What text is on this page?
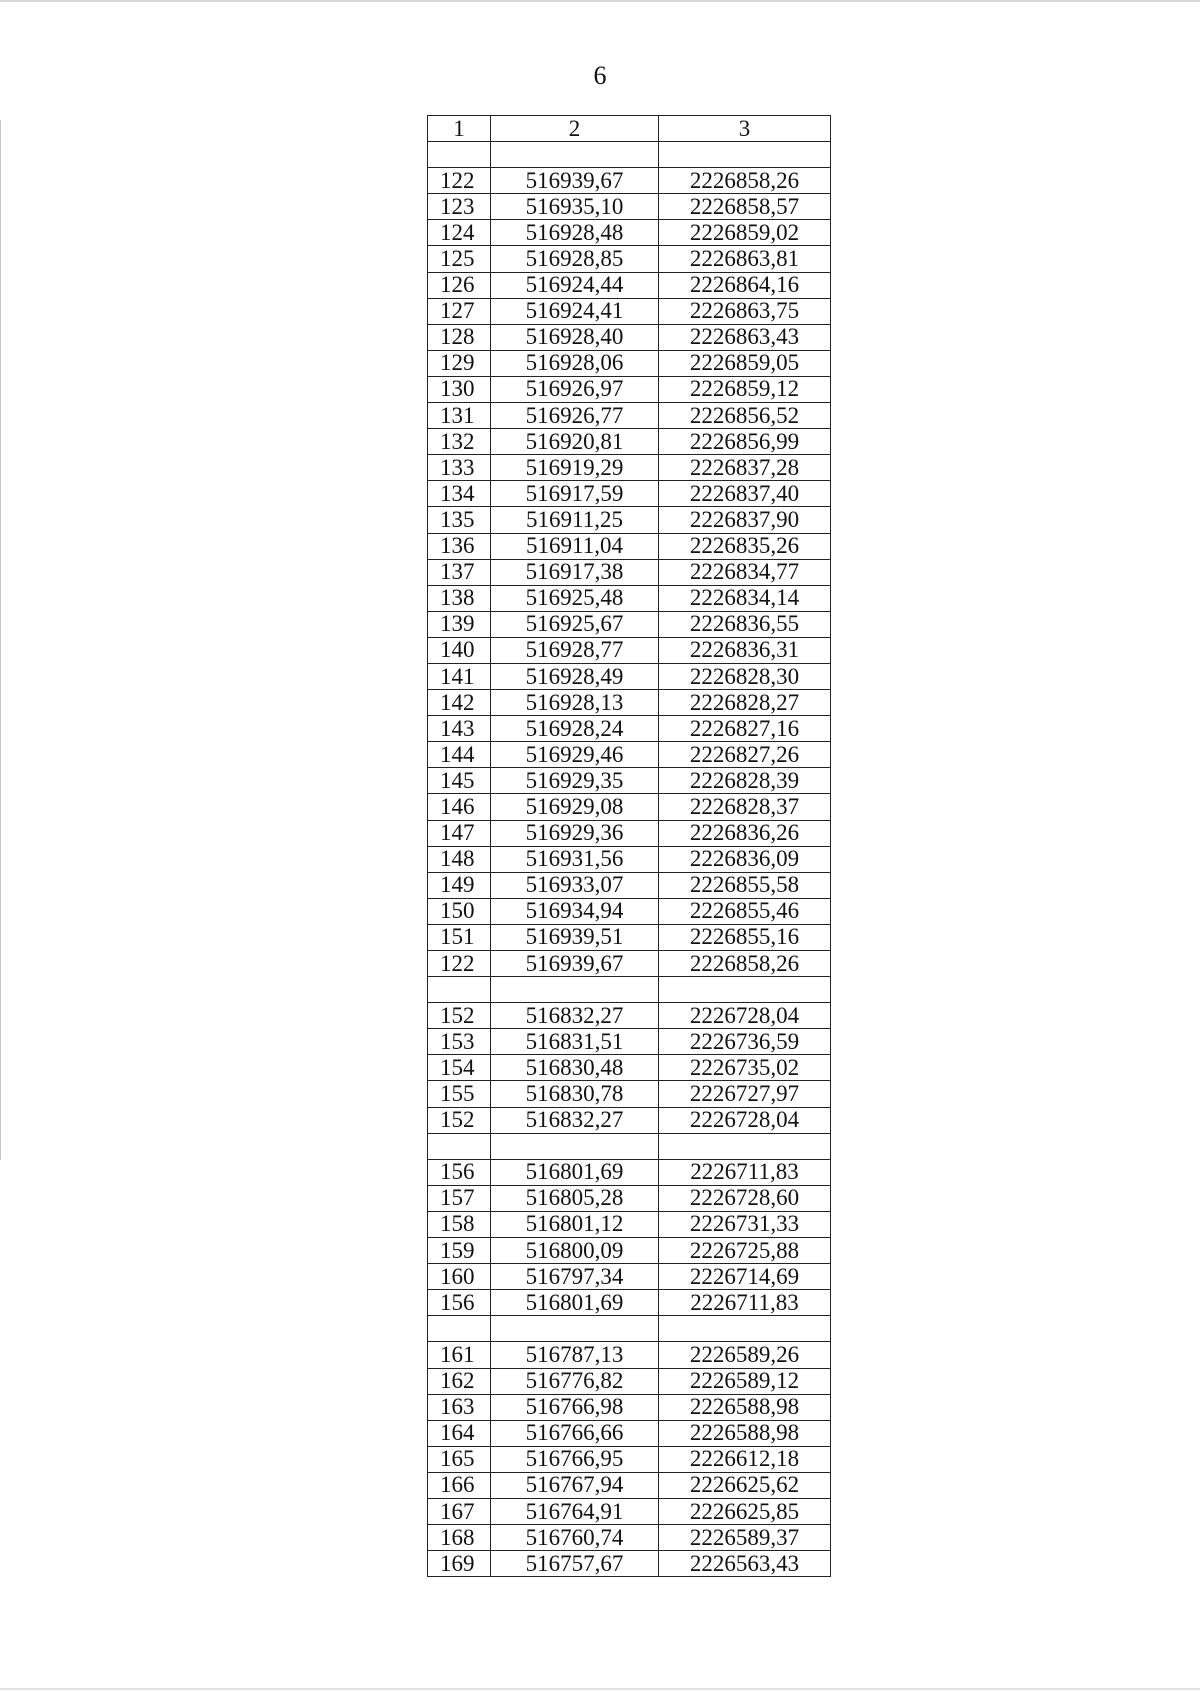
6
1	2	3

122	516939,67	2226858,26
123	516935,10	2226858,57
124	516928,48	2226859,02
125	516928,85	2226863,81
126	516924,44	2226864,16
127	516924,41	2226863,75
128	516928,40	2226863,43
129	516928,06	2226859,05
130	516926,97	2226859,12
131	516926,77	2226856,52
132	516920,81	2226856,99
133	516919,29	2226837,28
134	516917,59	2226837,40
135	516911,25	2226837,90
136	516911,04	2226835,26
137	516917,38	2226834,77
138	516925,48	2226834,14
139	516925,67	2226836,55
140	516928,77	2226836,31
141	516928,49	2226828,30
142	516928,13	2226828,27
143	516928,24	2226827,16
144	516929,46	2226827,26
145	516929,35	2226828,39
146	516929,08	2226828,37
147	516929,36	2226836,26
148	516931,56	2226836,09
149	516933,07	2226855,58
150	516934,94	2226855,46
151	516939,51	2226855,16
122	516939,67	2226858,26

152	516832,27	2226728,04
153	516831,51	2226736,59
154	516830,48	2226735,02
155	516830,78	2226727,97
152	516832,27	2226728,04

156	516801,69	2226711,83
157	516805,28	2226728,60
158	516801,12	2226731,33
159	516800,09	2226725,88
160	516797,34	2226714,69
156	516801,69	2226711,83

161	516787,13	2226589,26
162	516776,82	2226589,12
163	516766,98	2226588,98
164	516766,66	2226588,98
165	516766,95	2226612,18
166	516767,94	2226625,62
167	516764,91	2226625,85
168	516760,74	2226589,37
169	516757,67	2226563,43
